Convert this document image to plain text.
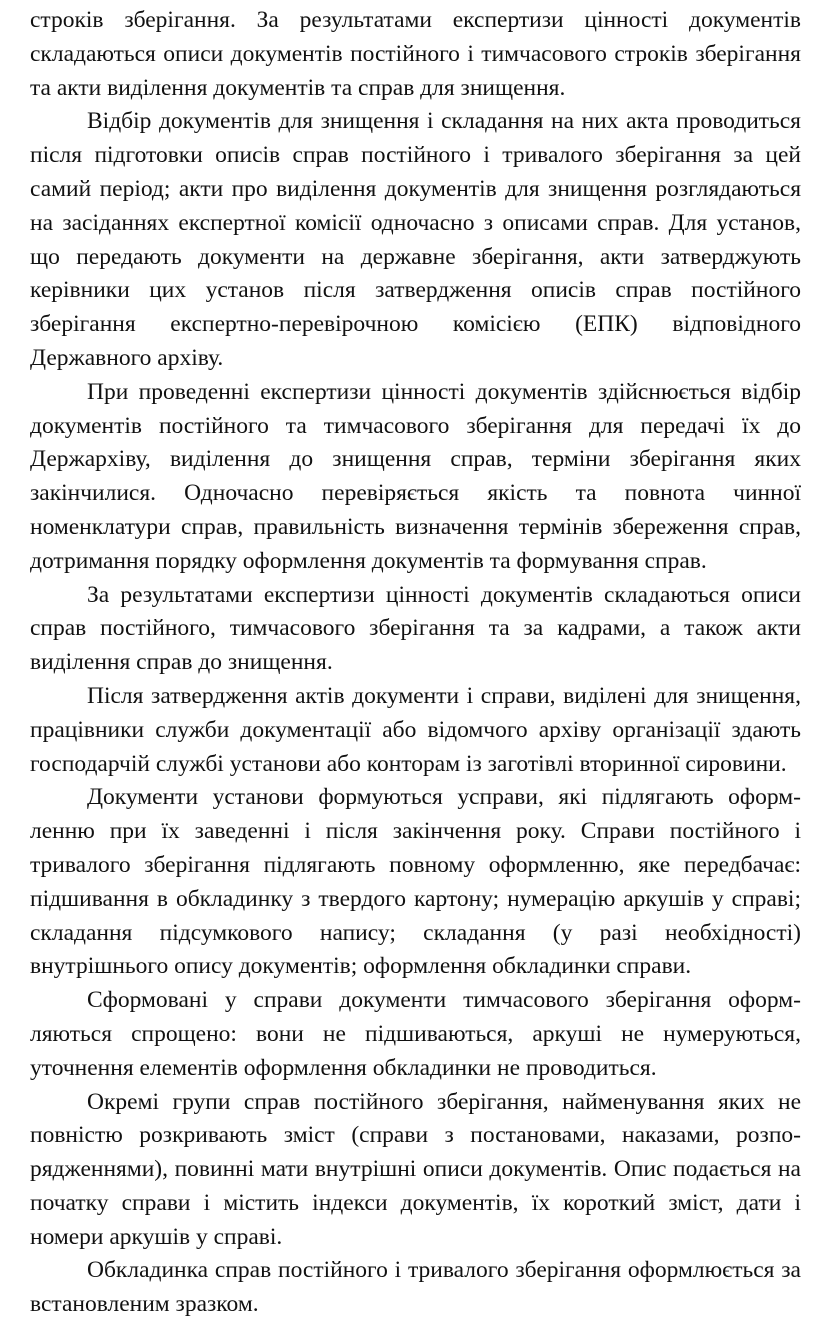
строків зберігання. За результатами експертизи цінності документів складаються описи документів постійного і тимчасового строків зберігання та акти виділення документів та справ для знищення.

Відбір документів для знищення і складання на них акта проводиться після підготовки описів справ постійного і тривалого зберігання за цей самий період; акти про виділення документів для знищення розглядаються на засіданнях експертної комісії одночасно з описами справ. Для установ, що передають документи на державне зберігання, акти затверджують керівники цих установ після затвердження описів справ постійного зберігання експертно-перевірочною комісією (ЕПК) відповідного Державного архіву.

При проведенні експертизи цінності документів здійснюється відбір документів постійного та тимчасового зберігання для передачі їх до Держархіву, виділення до знищення справ, терміни зберігання яких закінчилися. Одночасно перевіряється якість та повнота чинної номенклатури справ, правильність визначення термінів збереження справ, дотримання порядку оформлення документів та формування справ.

За результатами експертизи цінності документів складаються описи справ постійного, тимчасового зберігання та за кадрами, а також акти виділення справ до знищення.

Після затвердження актів документи і справи, виділені для знищення, працівники служби документації або відомчого архіву організації здають господарчій службі установи або конторам із заготівлі вторинної сировини.

Документи установи формуються усправи, які підлягають оформленню при їх заведенні і після закінчення року. Справи постійного і тривалого зберігання підлягають повному оформленню, яке передбачає: підшивання в обкладинку з твердого картону; нумерацію аркушів у справі; складання підсумкового напису; складання (у разі необхідності) внутрішнього опису документів; оформлення обкладинки справи.

Сформовані у справи документи тимчасового зберігання оформляються спрощено: вони не підшиваються, аркуші не нумеруються, уточнення елементів оформлення обкладинки не проводиться.

Окремі групи справ постійного зберігання, найменування яких не повністю розкривають зміст (справи з постановами, наказами, розпорядженнями), повинні мати внутрішні описи документів. Опис подається на початку справи і містить індекси документів, їх короткий зміст, дати і номери аркушів у справі.

Обкладинка справ постійного і тривалого зберігання оформлюється за встановленим зразком.
